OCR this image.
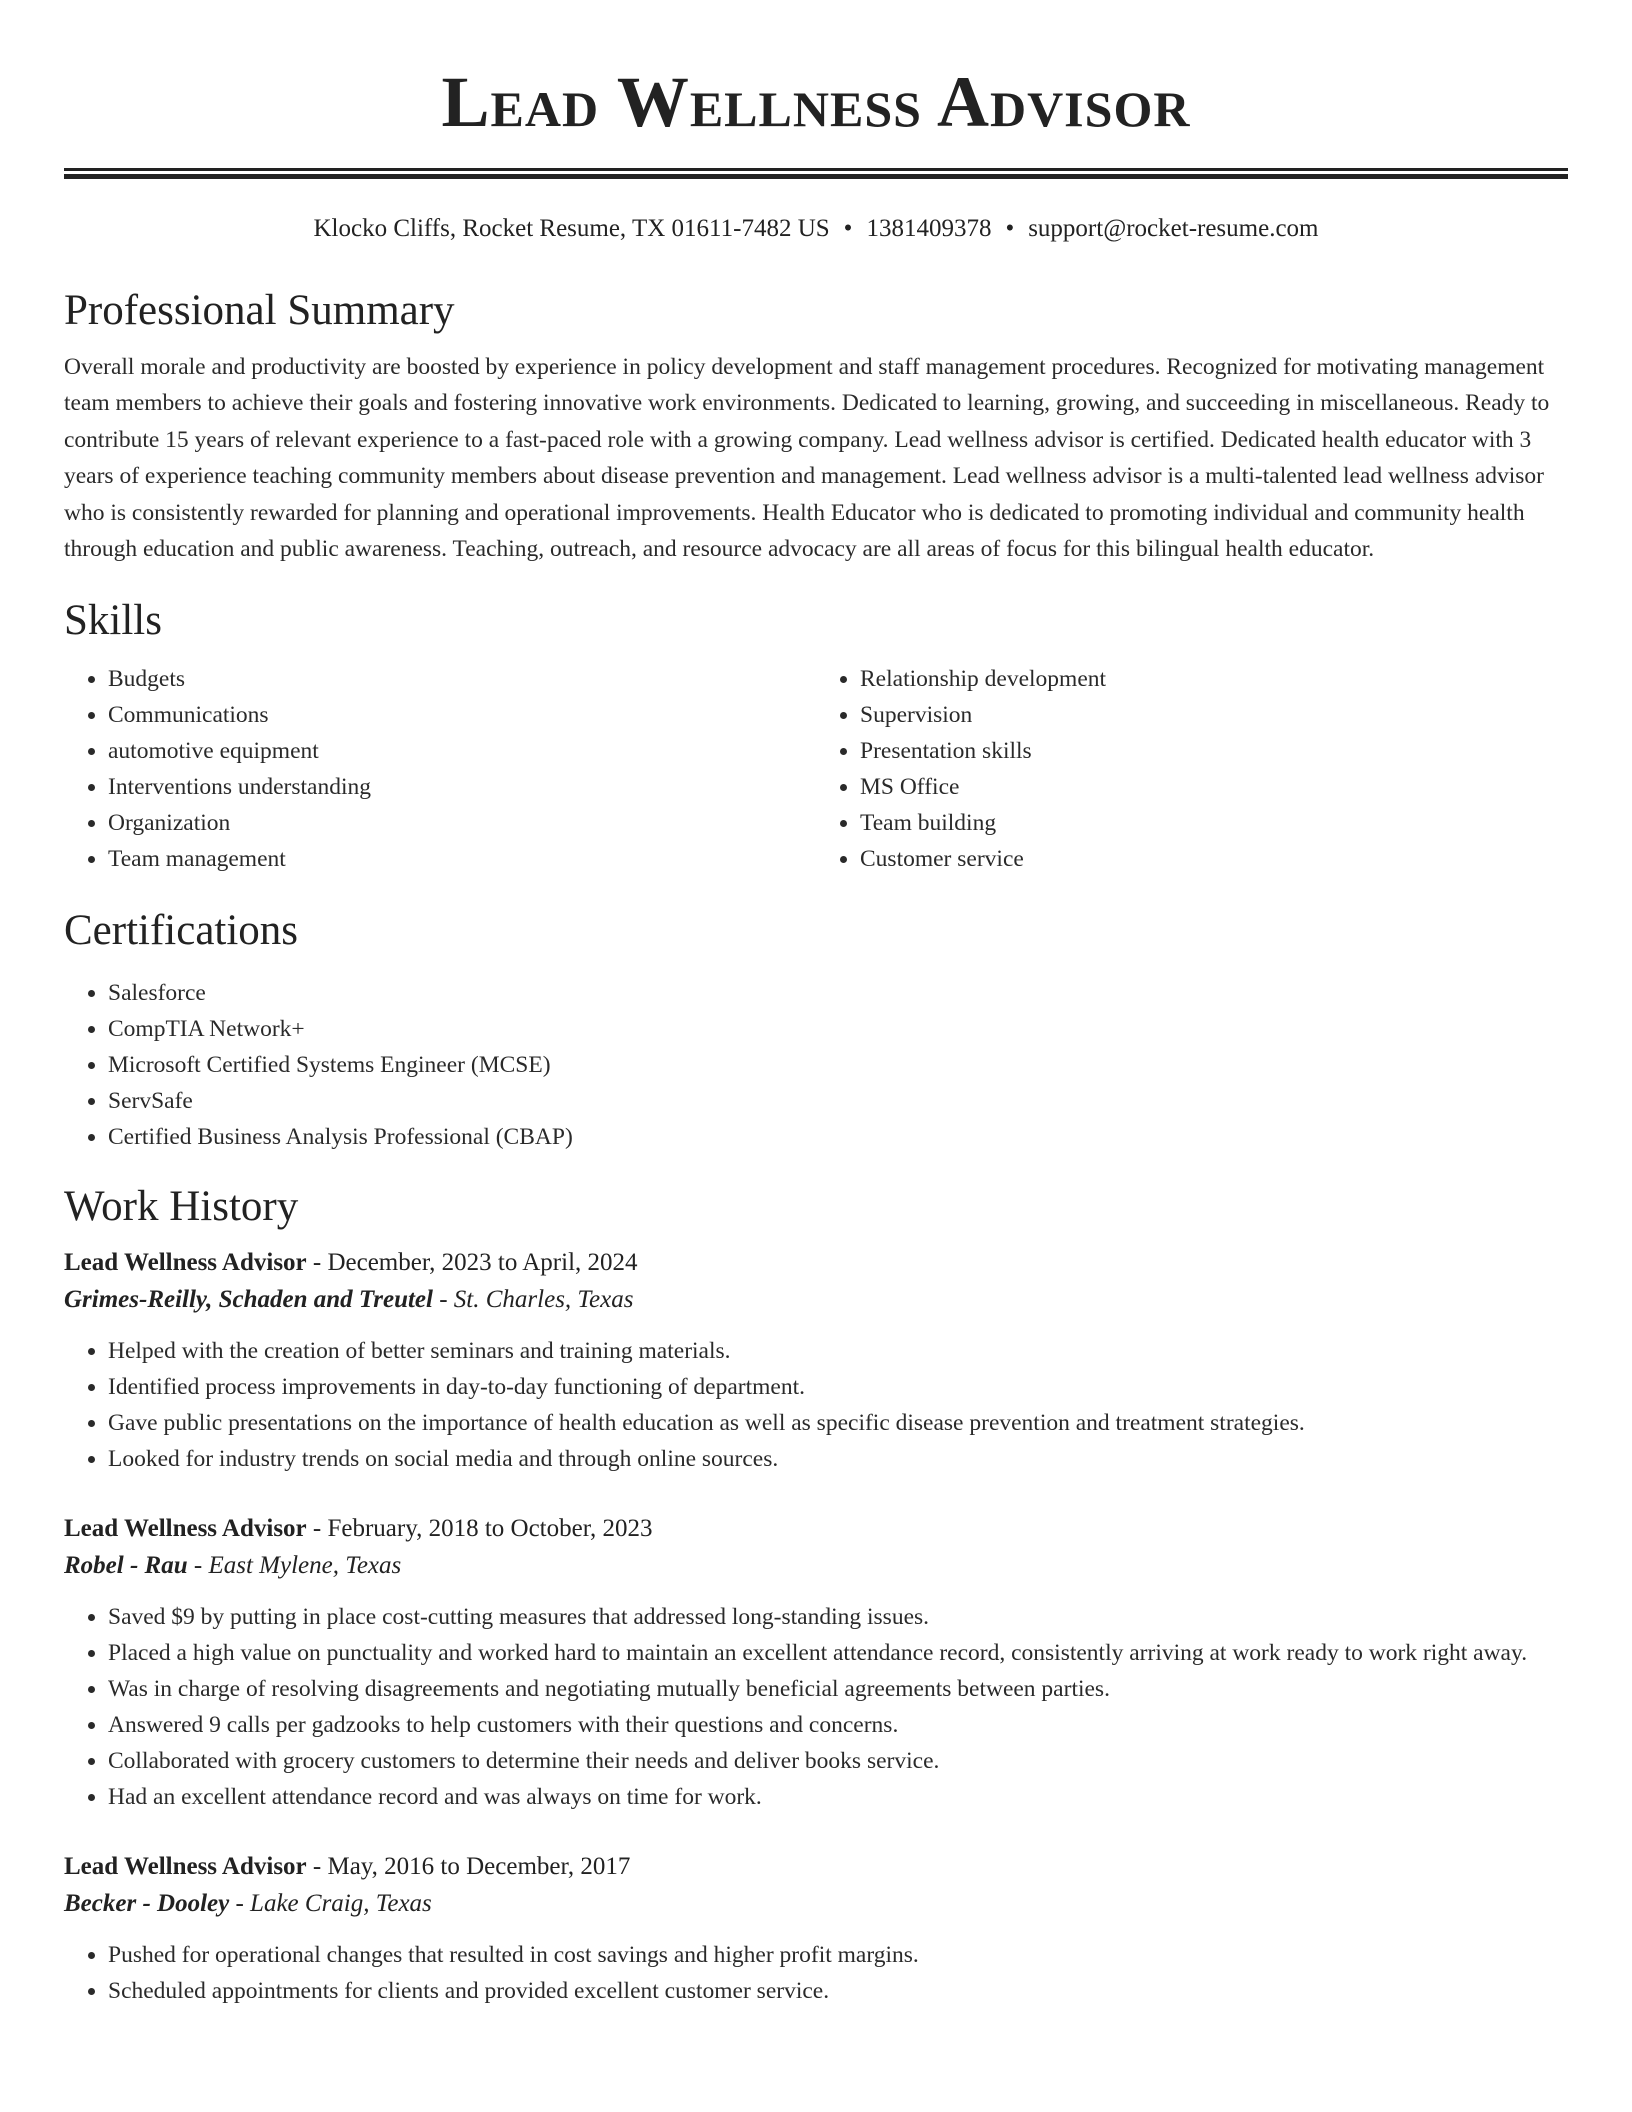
Lead Wellness Advisor
Klocko Cliffs, Rocket Resume, TX 01611-7482 US • 1381409378 • support@rocket-resume.com
Professional Summary

Overall morale and productivity are boosted by experience in policy development and staff management procedures. Recognized for motivating management team members to achieve their goals and fostering innovative work environments. Dedicated to learning, growing, and succeeding in miscellaneous. Ready to contribute 15 years of relevant experience to a fast-paced role with a growing company. Lead wellness advisor is certified. Dedicated health educator with 3 years of experience teaching community members about disease prevention and management. Lead wellness advisor is a multi-talented lead wellness advisor who is consistently rewarded for planning and operational improvements. Health Educator who is dedicated to promoting individual and community health through education and public awareness. Teaching, outreach, and resource advocacy are all areas of focus for this bilingual health educator.

Skills
• Budgets
• Communications
• automotive equipment
• Interventions understanding
• Organization
• Team management
• Relationship development
• Supervision
• Presentation skills
• MS Office
• Team building
• Customer service
Certifications
• Salesforce
• CompTIA Network+
• Microsoft Certified Systems Engineer (MCSE)
• ServSafe
• Certified Business Analysis Professional (CBAP)
Work History
Lead Wellness Advisor - December, 2023 to April, 2024
Grimes-Reilly, Schaden and Treutel - St. Charles, Texas
• Helped with the creation of better seminars and training materials.
• Identified process improvements in day-to-day functioning of department.
• Gave public presentations on the importance of health education as well as specific disease prevention and treatment strategies.
• Looked for industry trends on social media and through online sources.
Lead Wellness Advisor - February, 2018 to October, 2023
Robel - Rau - East Mylene, Texas
• Saved $9 by putting in place cost-cutting measures that addressed long-standing issues.
• Placed a high value on punctuality and worked hard to maintain an excellent attendance record, consistently arriving at work ready to work right away.
• Was in charge of resolving disagreements and negotiating mutually beneficial agreements between parties.
• Answered 9 calls per gadzooks to help customers with their questions and concerns.
• Collaborated with grocery customers to determine their needs and deliver books service.
• Had an excellent attendance record and was always on time for work.
Lead Wellness Advisor - May, 2016 to December, 2017
Becker - Dooley - Lake Craig, Texas
• Pushed for operational changes that resulted in cost savings and higher profit margins.
• Scheduled appointments for clients and provided excellent customer service.
